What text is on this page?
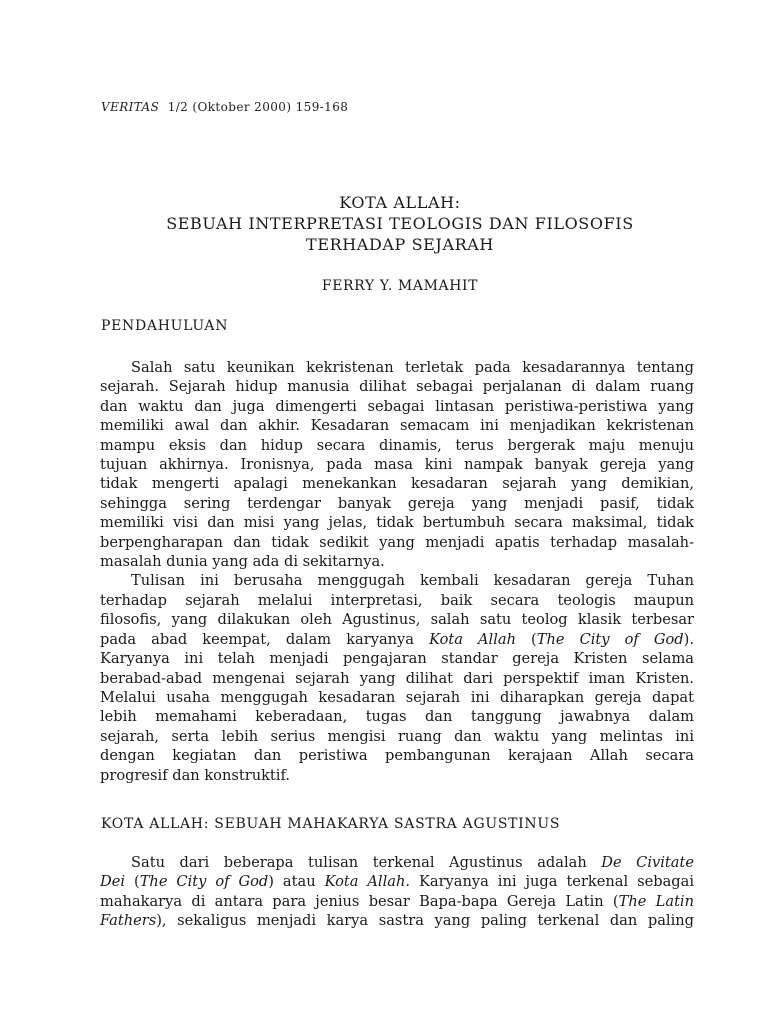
VERITAS 1/2 (Oktober 2000) 159-168
KOTA ALLAH:
SEBUAH INTERPRETASI TEOLOGIS DAN FILOSOFIS
TERHADAP SEJARAH
FERRY Y. MAMAHIT
PENDAHULUAN
Salah satu keunikan kekristenan terletak pada kesadarannya tentang
sejarah. Sejarah hidup manusia dilihat sebagai perjalanan di dalam ruang
dan waktu dan juga dimengerti sebagai lintasan peristiwa-peristiwa yang
memiliki awal dan akhir. Kesadaran semacam ini menjadikan kekristenan
mampu eksis dan hidup secara dinamis, terus bergerak maju menuju
tujuan akhirnya. Ironisnya, pada masa kini nampak banyak gereja yang
tidak mengerti apalagi menekankan kesadaran sejarah yang demikian,
sehingga sering terdengar banyak gereja yang menjadi pasif, tidak
memiliki visi dan misi yang jelas, tidak bertumbuh secara maksimal, tidak
berpengharapan dan tidak sedikit yang menjadi apatis terhadap masalah-
masalah dunia yang ada di sekitarnya.
Tulisan ini berusaha menggugah kembali kesadaran gereja Tuhan
terhadap sejarah melalui interpretasi, baik secara teologis maupun
filosofis, yang dilakukan oleh Agustinus, salah satu teolog klasik terbesar
pada abad keempat, dalam karyanya Kota Allah (The City of God).
Karyanya ini telah menjadi pengajaran standar gereja Kristen selama
berabad-abad mengenai sejarah yang dilihat dari perspektif iman Kristen.
Melalui usaha menggugah kesadaran sejarah ini diharapkan gereja dapat
lebih memahami keberadaan, tugas dan tanggung jawabnya dalam
sejarah, serta lebih serius mengisi ruang dan waktu yang melintas ini
dengan kegiatan dan peristiwa pembangunan kerajaan Allah secara
progresif dan konstruktif.
KOTA ALLAH: SEBUAH MAHAKARYA SASTRA AGUSTINUS
Satu dari beberapa tulisan terkenal Agustinus adalah De Civitate
Dei (The City of God) atau Kota Allah. Karyanya ini juga terkenal sebagai
mahakarya di antara para jenius besar Bapa-bapa Gereja Latin (The Latin
Fathers), sekaligus menjadi karya sastra yang paling terkenal dan paling
